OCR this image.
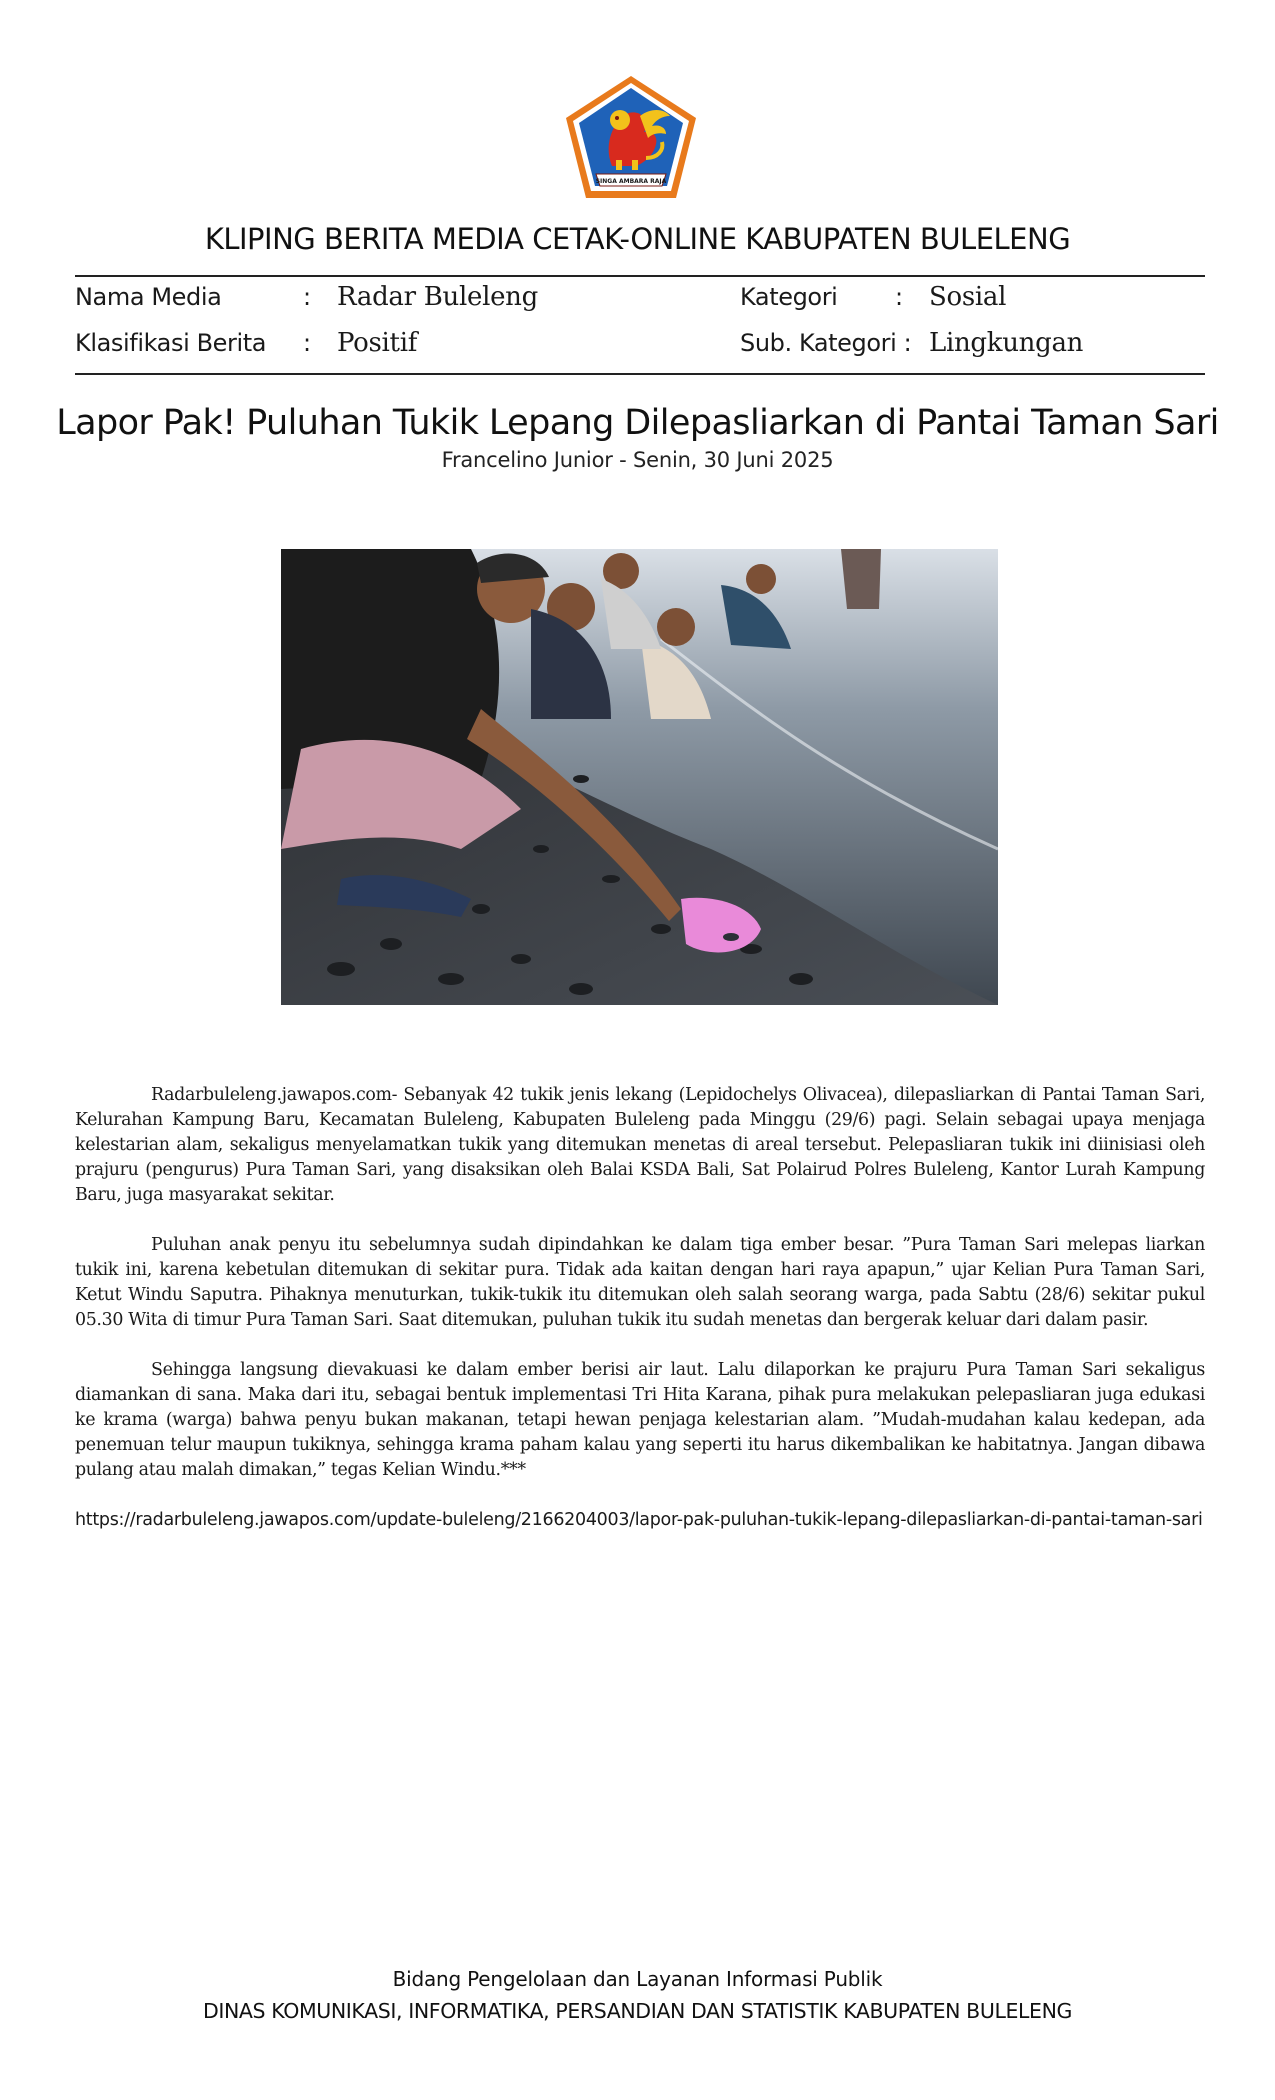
SINGA AMBARA RAJA
KLIPING BERITA MEDIA CETAK-ONLINE KABUPATEN BULELENG
Nama Media	: Radar Buleleng	Kategori : Sosial
Klasifikasi Berita : Positif	Sub. Kategori : Lingkungan
Lapor Pak! Puluhan Tukik Lepang Dilepasliarkan di Pantai Taman Sari
Francelino Junior - Senin, 30 Juni 2025

Radarbuleleng.jawapos.com- Sebanyak 42 tukik jenis lekang (Lepidochelys Olivacea), dilepasliarkan di Pantai Taman Sari, Kelurahan Kampung Baru, Kecamatan Buleleng, Kabupaten Buleleng pada Minggu (29/6) pagi. Selain sebagai upaya menjaga kelestarian alam, sekaligus menyelamatkan tukik yang ditemukan menetas di areal tersebut. Pelepasliaran tukik ini diinisiasi oleh prajuru (pengurus) Pura Taman Sari, yang disaksikan oleh Balai KSDA Bali, Sat Polairud Polres Buleleng, Kantor Lurah Kampung Baru, juga masyarakat sekitar.

Puluhan anak penyu itu sebelumnya sudah dipindahkan ke dalam tiga ember besar. ”Pura Taman Sari melepas liarkan tukik ini, karena kebetulan ditemukan di sekitar pura. Tidak ada kaitan dengan hari raya apapun,” ujar Kelian Pura Taman Sari, Ketut Windu Saputra. Pihaknya menuturkan, tukik-tukik itu ditemukan oleh salah seorang warga, pada Sabtu (28/6) sekitar pukul 05.30 Wita di timur Pura Taman Sari. Saat ditemukan, puluhan tukik itu sudah menetas dan bergerak keluar dari dalam pasir.

Sehingga langsung dievakuasi ke dalam ember berisi air laut. Lalu dilaporkan ke prajuru Pura Taman Sari sekaligus diamankan di sana. Maka dari itu, sebagai bentuk implementasi Tri Hita Karana, pihak pura melakukan pelepasliaran juga edukasi ke krama (warga) bahwa penyu bukan makanan, tetapi hewan penjaga kelestarian alam. ”Mudah-mudahan kalau kedepan, ada penemuan telur maupun tukiknya, sehingga krama paham kalau yang seperti itu harus dikembalikan ke habitatnya. Jangan dibawa pulang atau malah dimakan,” tegas Kelian Windu.***

https://radarbuleleng.jawapos.com/update-buleleng/2166204003/lapor-pak-puluhan-tukik-lepang-dilepasliarkan-di-pantai-taman-sari
Bidang Pengelolaan dan Layanan Informasi Publik
DINAS KOMUNIKASI, INFORMATIKA, PERSANDIAN DAN STATISTIK KABUPATEN BULELENG
